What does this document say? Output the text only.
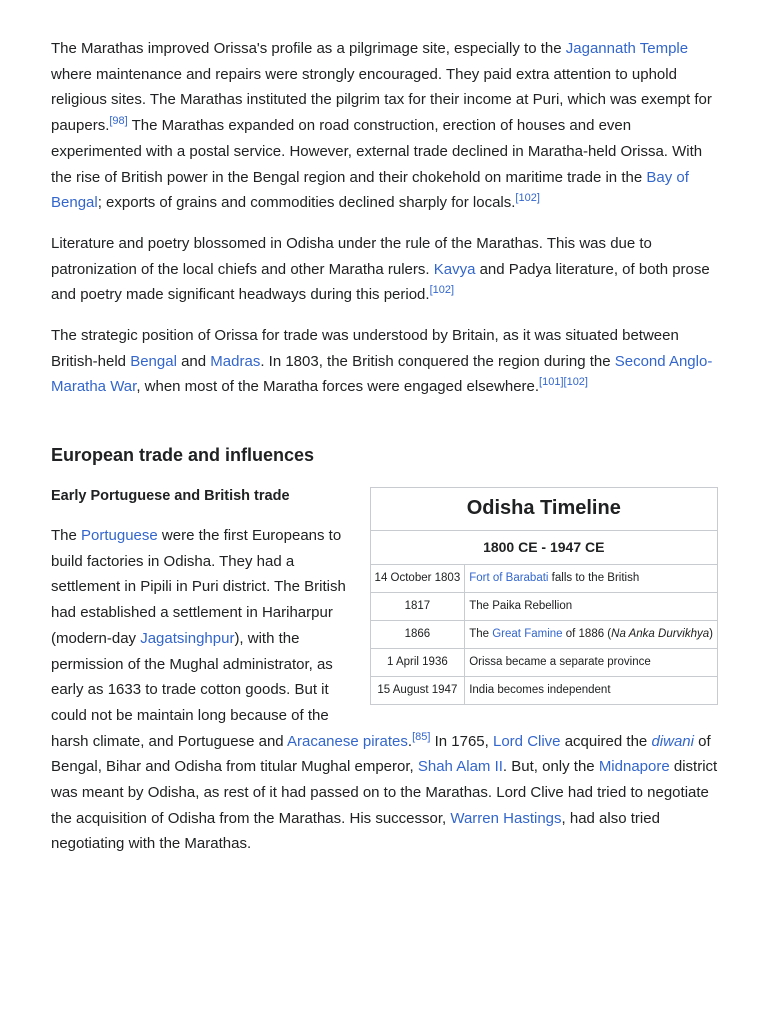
The Marathas improved Orissa's profile as a pilgrimage site, especially to the Jagannath Temple where maintenance and repairs were strongly encouraged. They paid extra attention to uphold religious sites. The Marathas instituted the pilgrim tax for their income at Puri, which was exempt for paupers.[98] The Marathas expanded on road construction, erection of houses and even experimented with a postal service. However, external trade declined in Maratha-held Orissa. With the rise of British power in the Bengal region and their chokehold on maritime trade in the Bay of Bengal; exports of grains and commodities declined sharply for locals.[102]

Literature and poetry blossomed in Odisha under the rule of the Marathas. This was due to patronization of the local chiefs and other Maratha rulers. Kavya and Padya literature, of both prose and poetry made significant headways during this period.[102]

The strategic position of Orissa for trade was understood by Britain, as it was situated between British-held Bengal and Madras. In 1803, the British conquered the region during the Second Anglo-Maratha War, when most of the Maratha forces were engaged elsewhere.[101][102]

European trade and influences
Early Portuguese and British trade
Odisha Timeline	
1800 CE - 1947 CE	
14 October 1803	Fort of Barabati falls to the British
1817	The Paika Rebellion
1866	The Great Famine of 1886 (Na Anka Durvikhya)
1 April 1936	Orissa became a separate province
15 August 1947	India becomes independent
The Portuguese were the first Europeans to build factories in Odisha. They had a settlement in Pipili in Puri district. The British had established a settlement in Hariharpur (modern-day Jagatsinghpur), with the permission of the Mughal administrator, as early as 1633 to trade cotton goods. But it could not be maintain long because of the harsh climate, and Portuguese and Aracanese pirates.[85] In 1765, Lord Clive acquired the diwani of Bengal, Bihar and Odisha from titular Mughal emperor, Shah Alam II. But, only the Midnapore district was meant by Odisha, as rest of it had passed on to the Marathas. Lord Clive had tried to negotiate the acquisition of Odisha from the Marathas. His successor, Warren Hastings, had also tried negotiating with the Marathas.
